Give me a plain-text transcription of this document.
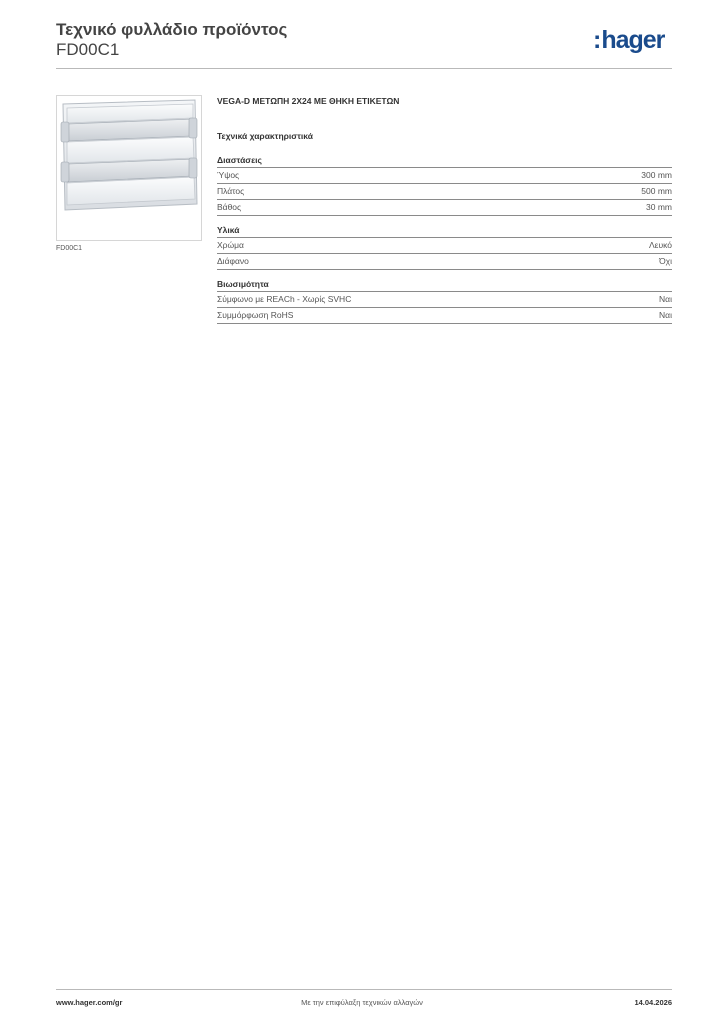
Τεχνικό φυλλάδιο προϊόντος
FD00C1	:hager
FD00C1
VEGA-D ΜΕΤΩΠΗ 2X24 ΜΕ ΘΗΚΗ ΕΤΙΚΕΤΩΝ
Τεχνικά χαρακτηριστικά
Διαστάσεις
Ύψος	300 mm
Πλάτος	500 mm
Βάθος	30 mm
Υλικά
Χρώμα	Λευκό
Διάφανο	Όχι
Βιωσιμότητα
Σύμφωνο με REACh - Χωρίς SVHC	Ναι
Συμμόρφωση RoHS	Ναι
www.hager.com/gr	Με την επιφύλαξη τεχνικών αλλαγών	14.04.2026
